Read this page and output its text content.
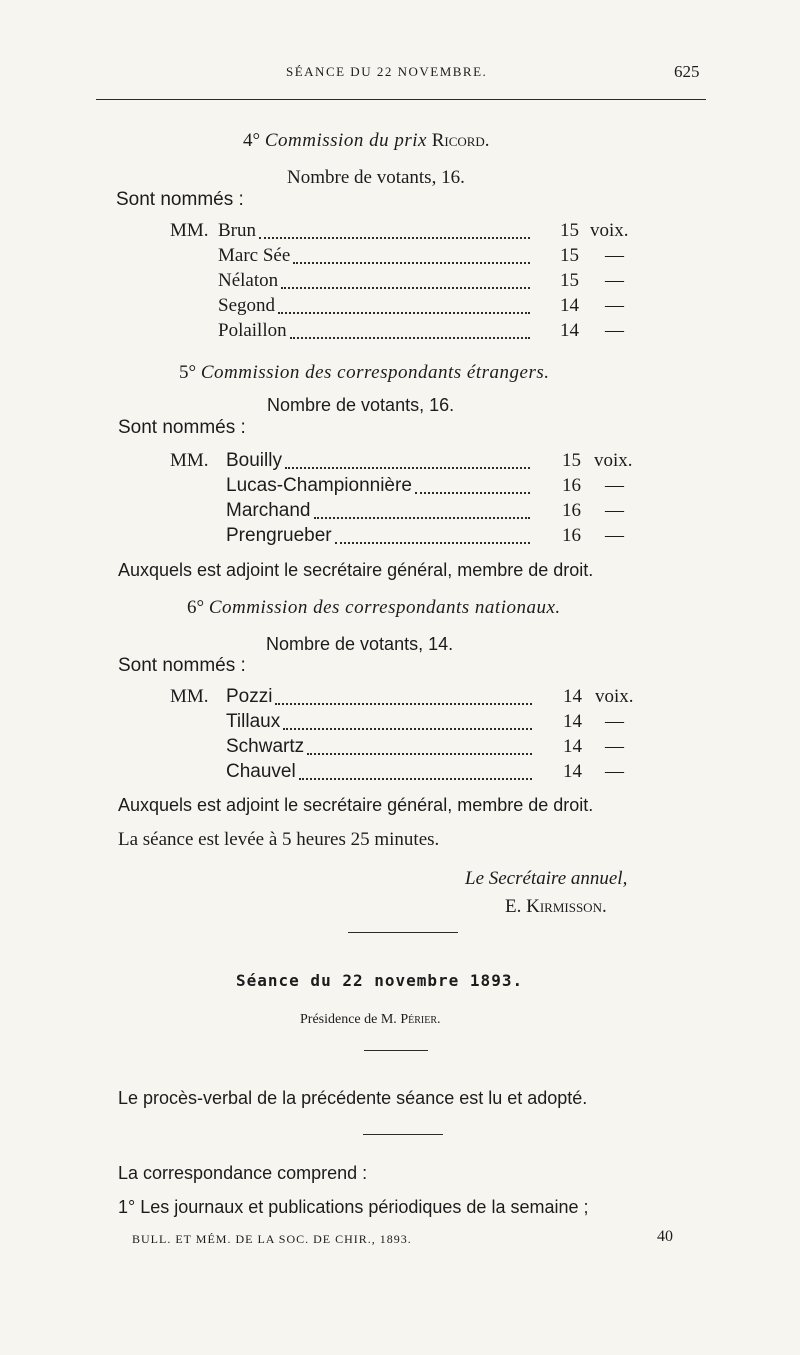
SÉANCE DU 22 NOVEMBRE.	625
4° Commission du prix Ricord.
Nombre de votants, 16.
Sont nommés :
MM. Brun	15 voix.
Marc Sée	15 —
Nélaton	15 —
Segond	14 —
Polaillon	14 —
5° Commission des correspondants étrangers.
Nombre de votants, 16.
Sont nommés :
MM. Bouilly	15 voix.
Lucas-Championnière	16 —
Marchand	16 —
Prengrueber	16 —
Auxquels est adjoint le secrétaire général, membre de droit.
6° Commission des correspondants nationaux.
Nombre de votants, 14.
Sont nommés :
MM. Pozzi	14 voix.
Tillaux	14 —
Schwartz	14 —
Chauvel	14 —
Auxquels est adjoint le secrétaire général, membre de droit.
La séance est levée à 5 heures 25 minutes.
Le Secrétaire annuel,
E. Kirmisson.
Séance du 22 novembre 1893.
Présidence de M. Périer.
Le procès-verbal de la précédente séance est lu et adopté.
La correspondance comprend :
1° Les journaux et publications périodiques de la semaine ;
BULL. ET MÉM. DE LA SOC. DE CHIR., 1893.	40
